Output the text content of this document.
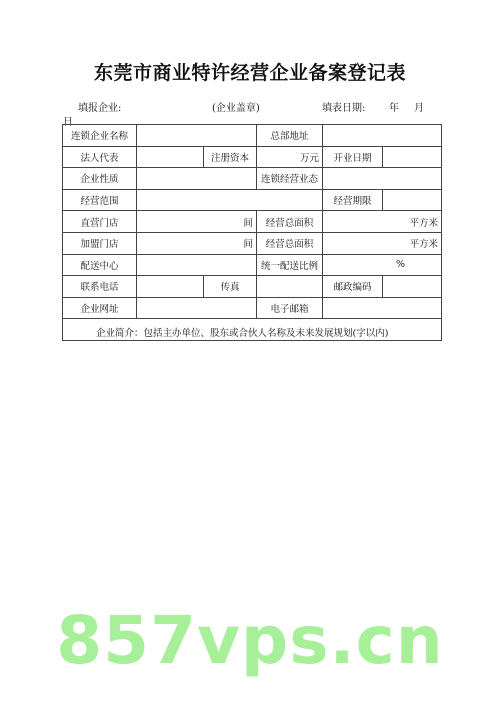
东莞市商业特许经营企业备案登记表
填报企业:	(企业盖章)	填表日期: 年 月
日
连锁企业名称			总部地址		
法人代表		注册资本	万元	开业日期	
企业性质			连锁经营业态		
经营范围				经营期限	
直营门店	间		经营总面积	平方米	
加盟门店	间		经营总面积	平方米	
配送中心			统一配送比例	%	
联系电话		传真		邮政编码	
企业网址			电子邮箱		

企业简介：包括主办单位、股东或合伙人名称及未来发展规划(字以内)					
857vps.cn
